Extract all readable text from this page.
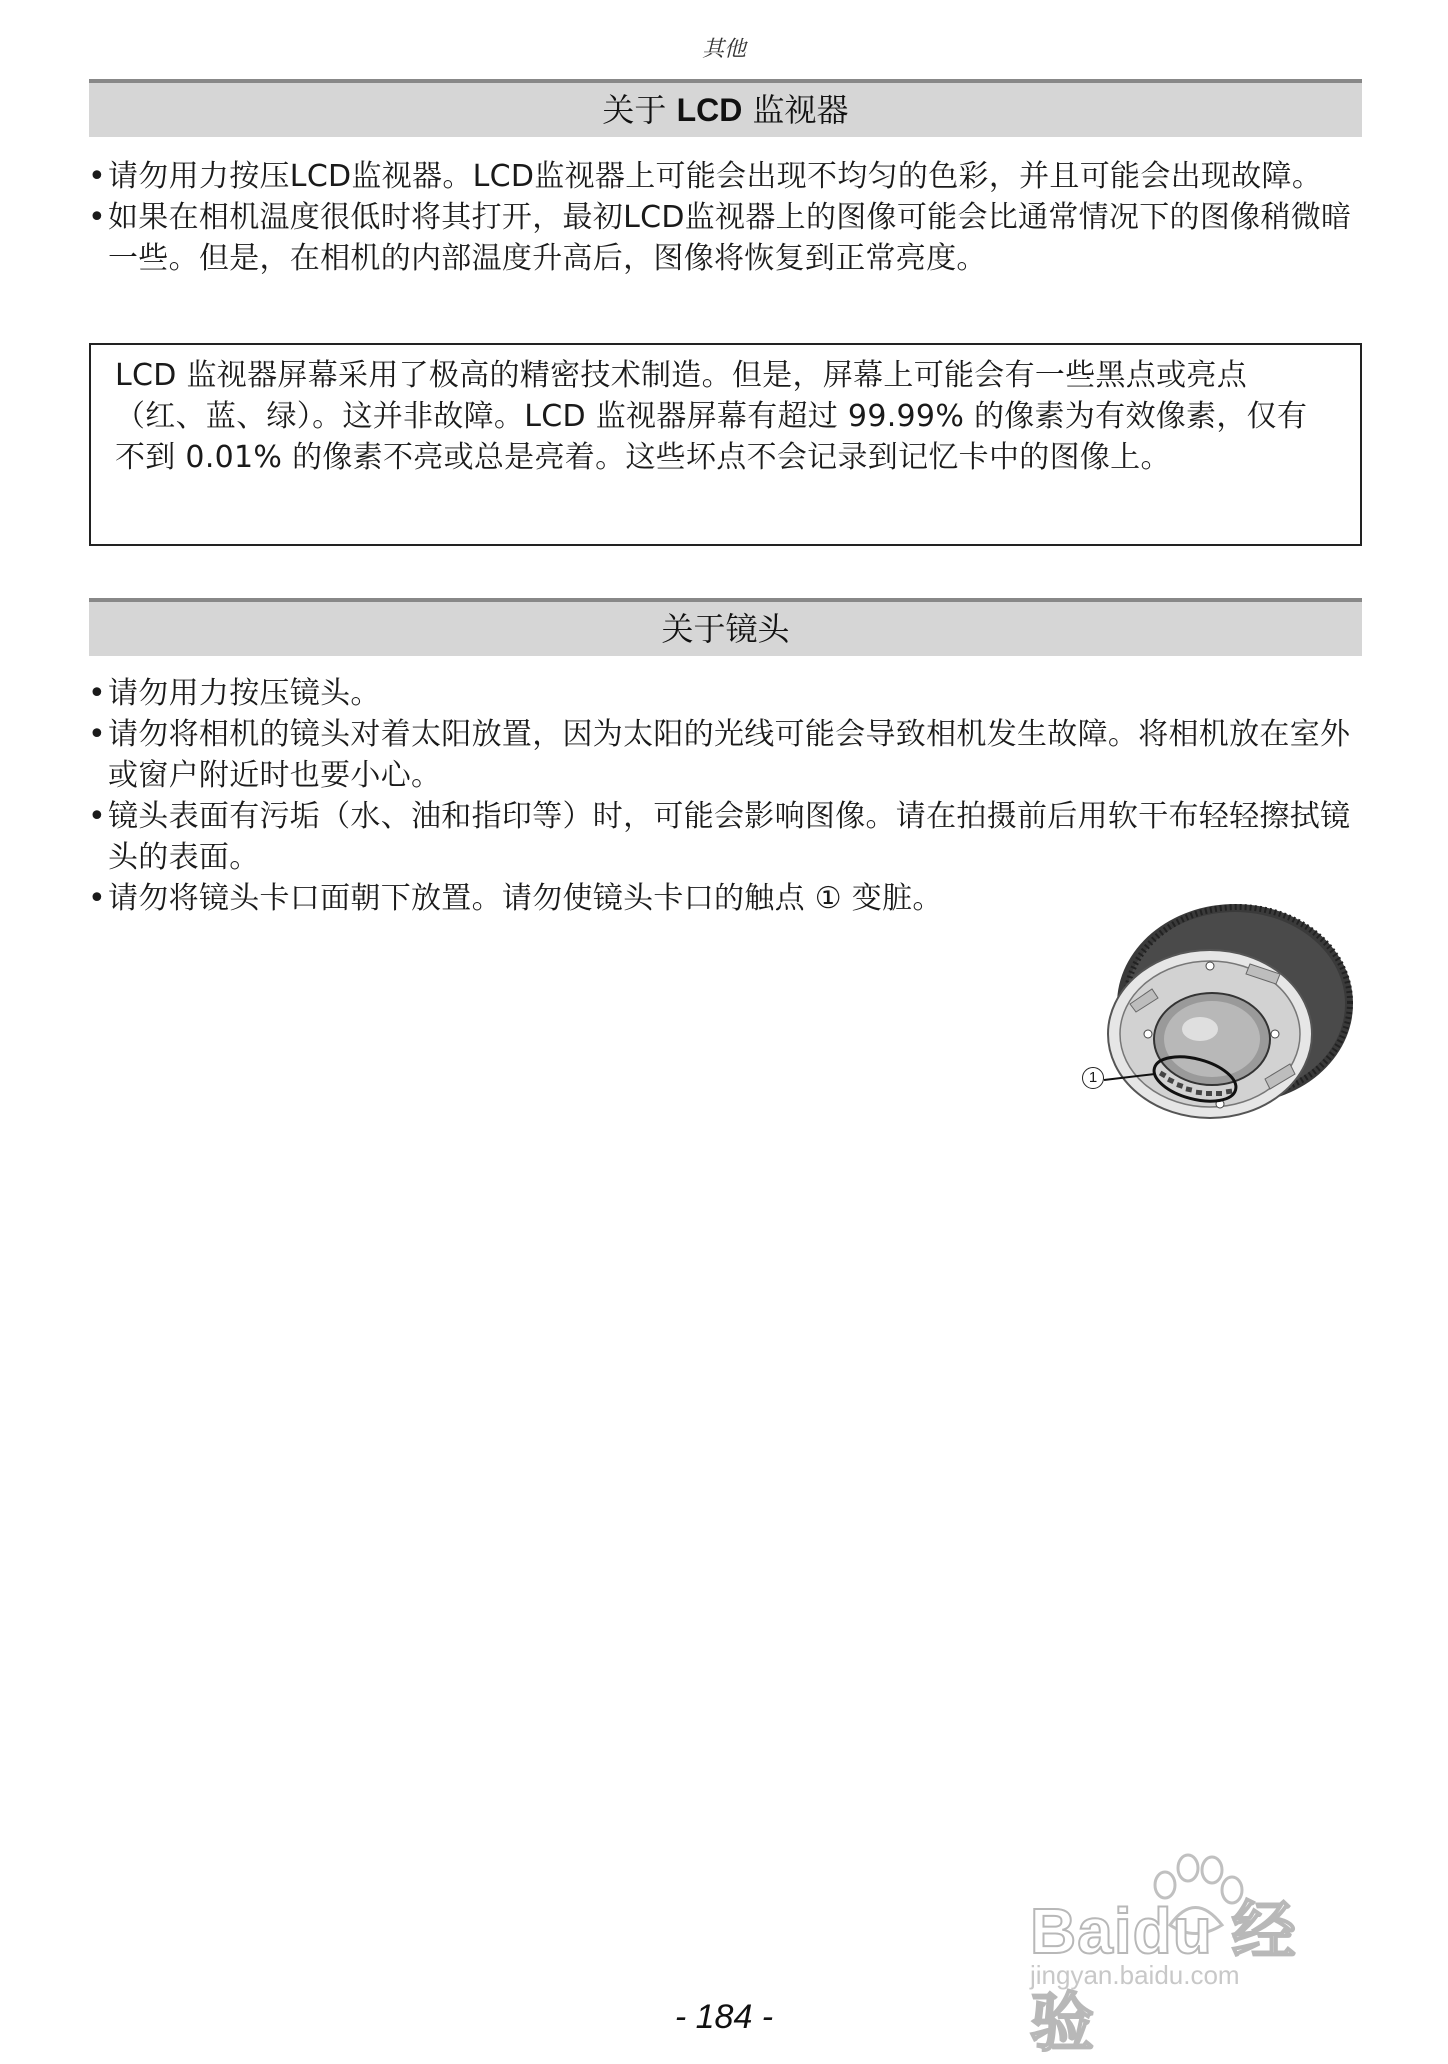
其他
关于 LCD 监视器
• 请勿用力按压LCD监视器。LCD监视器上可能会出现不均匀的色彩，并且可能会出现故障。
• 如果在相机温度很低时将其打开，最初LCD监视器上的图像可能会比通常情况下的图像稍微暗一些。但是，在相机的内部温度升高后，图像将恢复到正常亮度。
LCD 监视器屏幕采用了极高的精密技术制造。但是，屏幕上可能会有一些黑点或亮点（红、蓝、绿）。这并非故障。LCD 监视器屏幕有超过 99.99% 的像素为有效像素，仅有不到 0.01% 的像素不亮或总是亮着。这些坏点不会记录到记忆卡中的图像上。
关于镜头
• 请勿用力按压镜头。
• 请勿将相机的镜头对着太阳放置，因为太阳的光线可能会导致相机发生故障。将相机放在室外或窗户附近时也要小心。
• 镜头表面有污垢（水、油和指印等）时，可能会影响图像。请在拍摄前后用软干布轻轻擦拭镜头的表面。
• 请勿将镜头卡口面朝下放置。请勿使镜头卡口的触点 ① 变脏。
1
Baidu 经验
jingyan.baidu.com
- 184 -
